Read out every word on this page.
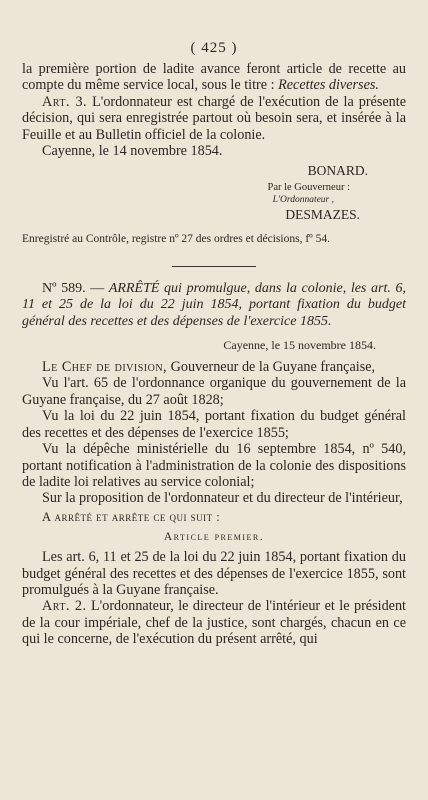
( 425 )

la première portion de ladite avance feront article de recette au compte du même service local, sous le titre : Recettes diverses.

Art. 3. L'ordonnateur est chargé de l'exécution de la présente décision, qui sera enregistrée partout où besoin sera, et insérée à la Feuille et au Bulletin officiel de la colonie.

Cayenne, le 14 novembre 1854.

BONARD.
Par le Gouverneur :
L'Ordonnateur ,
DESMAZES.

Enregistré au Contrôle, registre nº 27 des ordres et décisions, fº 54.

Nº 589. — ARRÊTÉ qui promulgue, dans la colonie, les art. 6, 11 et 25 de la loi du 22 juin 1854, portant fixation du budget général des recettes et des dépenses de l'exercice 1855.

Cayenne, le 15 novembre 1854.

Le Chef de division, Gouverneur de la Guyane française,

Vu l'art. 65 de l'ordonnance organique du gouvernement de la Guyane française, du 27 août 1828;

Vu la loi du 22 juin 1854, portant fixation du budget général des recettes et des dépenses de l'exercice 1855;

Vu la dépêche ministérielle du 16 septembre 1854, nº 540, portant notification à l'administration de la colonie des dispositions de ladite loi relatives au service colonial;

Sur la proposition de l'ordonnateur et du directeur de l'intérieur,

A arrêté et arrête ce qui suit :

Article premier.

Les art. 6, 11 et 25 de la loi du 22 juin 1854, portant fixation du budget général des recettes et des dépenses de l'exercice 1855, sont promulgués à la Guyane française.

Art. 2. L'ordonnateur, le directeur de l'intérieur et le président de la cour impériale, chef de la justice, sont chargés, chacun en ce qui le concerne, de l'exécution du présent arrêté, qui
